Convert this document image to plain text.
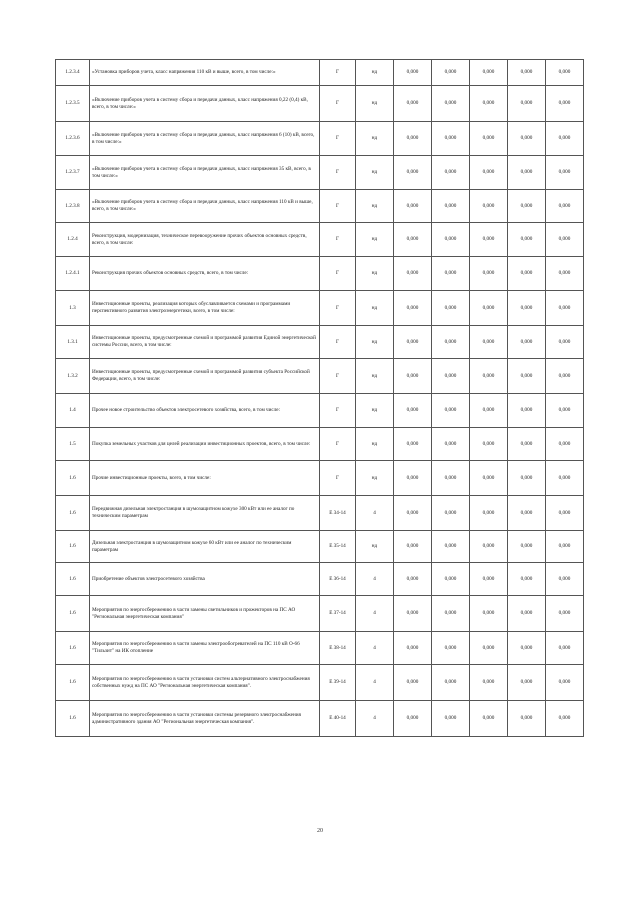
1.2.3.4	«Установка приборов учета, класс напряжения 110 кВ и выше, всего, в том числе:»	Г	нд	0,000	0,000	0,000	0,000	0,000
1.2.3.5	«Включение приборов учета в систему сбора и передачи данных, класс напряжения 0,22 (0,4) кВ, всего, в том числе:»	Г	нд	0,000	0,000	0,000	0,000	0,000
1.2.3.6	«Включение приборов учета в систему сбора и передачи данных, класс напряжения 6 (10) кВ, всего, в том числе:»	Г	нд	0,000	0,000	0,000	0,000	0,000
1.2.3.7	«Включение приборов учета в систему сбора и передачи данных, класс напряжения 35 кВ, всего, в том числе:»	Г	нд	0,000	0,000	0,000	0,000	0,000
1.2.3.8	«Включение приборов учета в систему сбора и передачи данных, класс напряжения 110 кВ и выше, всего, в том числе:»	Г	нд	0,000	0,000	0,000	0,000	0,000
1.2.4	Реконструкция, модернизация, техническое перевооружение прочих объектов основных средств, всего, в том числе:	Г	нд	0,000	0,000	0,000	0,000	0,000
1.2.4.1	Реконструкция прочих объектов основных средств, всего, в том числе:	Г	нд	0,000	0,000	0,000	0,000	0,000
1.3	Инвестиционные проекты, реализация которых обуславливается схемами и программами перспективного развития электроэнергетики, всего, в том числе:	Г	нд	0,000	0,000	0,000	0,000	0,000
1.3.1	Инвестиционные проекты, предусмотренные схемой и программой развития Единой энергетической системы России, всего, в том числе:	Г	нд	0,000	0,000	0,000	0,000	0,000
1.3.2	Инвестиционные проекты, предусмотренные схемой и программой развития субъекта Российской Федерации, всего, в том числе:	Г	нд	0,000	0,000	0,000	0,000	0,000
1.4	Прочее новое строительство объектов электросетевого хозяйства, всего, в том числе:	Г	нд	0,000	0,000	0,000	0,000	0,000
1.5	Покупка земельных участков для целей реализации инвестиционных проектов, всего, в том числе:	Г	нд	0,000	0,000	0,000	0,000	0,000
1.6	Прочие инвестиционные проекты, всего, в том числе:	Г	нд	0,000	0,000	0,000	0,000	0,000
1.6	Передвижная дизельная электростанция в шумозащитном кожухе 300 кВт или ее аналог по техническим параметрам	Е 34-14	4	0,000	0,000	0,000	0,000	0,000
1.6	Дизельная электростанция в шумозащитном кожухе 60 кВт или ее аналог по техническим параметрам	Е 35-14	нд	0,000	0,000	0,000	0,000	0,000
1.6	Приобретение объектов электросетевого хозяйства	Е 36-14	4	0,000	0,000	0,000	0,000	0,000
1.6	Мероприятия по энергосбережению в части замены светильников и прожекторов на ПС АО "Региональная энергетическая компания"	Е 37-14	4	0,000	0,000	0,000	0,000	0,000
1.6	Мероприятия по энергосбережению в части замены электрообогревателей на ПС 110 кВ О-66 "Тильзит" на ИК отопление	Е 38-14	4	0,000	0,000	0,000	0,000	0,000
1.6	Мероприятия по энергосбережению в части установки систем альтернативного электроснабжения собственных нужд на ПС АО "Региональная энергетическая компания".	Е 39-14	4	0,000	0,000	0,000	0,000	0,000
1.6	Мероприятия по энергосбережению в части установки системы резервного электроснабжения административного здания АО "Региональная энергетическая компания".	Е 40-14	4	0,000	0,000	0,000	0,000	0,000
20
